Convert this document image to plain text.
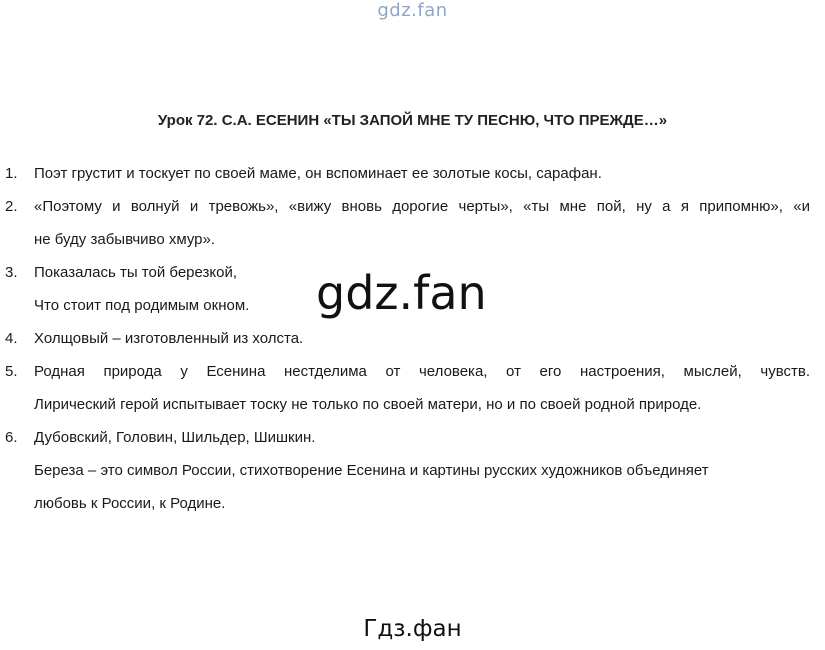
gdz.fan
Урок 72. С.А. ЕСЕНИН «ТЫ ЗАПОЙ МНЕ ТУ ПЕСНЮ, ЧТО ПРЕЖДЕ…»
1. Поэт грустит и тоскует по своей маме, он вспоминает ее золотые косы, сарафан.
2. «Поэтому и волнуй и тревожь», «вижу вновь дорогие черты», «ты мне пой, ну а я припомню», «и
не буду забывчиво хмур».
3. Показалась ты той березкой,
Что стоит под родимым окном.
4. Холщовый – изготовленный из холста.
5. Родная природа у Есенина нестделима от человека, от его настроения, мыслей, чувств.
Лирический герой испытывает тоску не только по своей матери, но и по своей родной природе.
6. Дубовский, Головин, Шильдер, Шишкин.
Береза – это символ России, стихотворение Есенина и картины русских художников объединяет
любовь к России, к Родине.
gdz.fan
Гдз.фан
